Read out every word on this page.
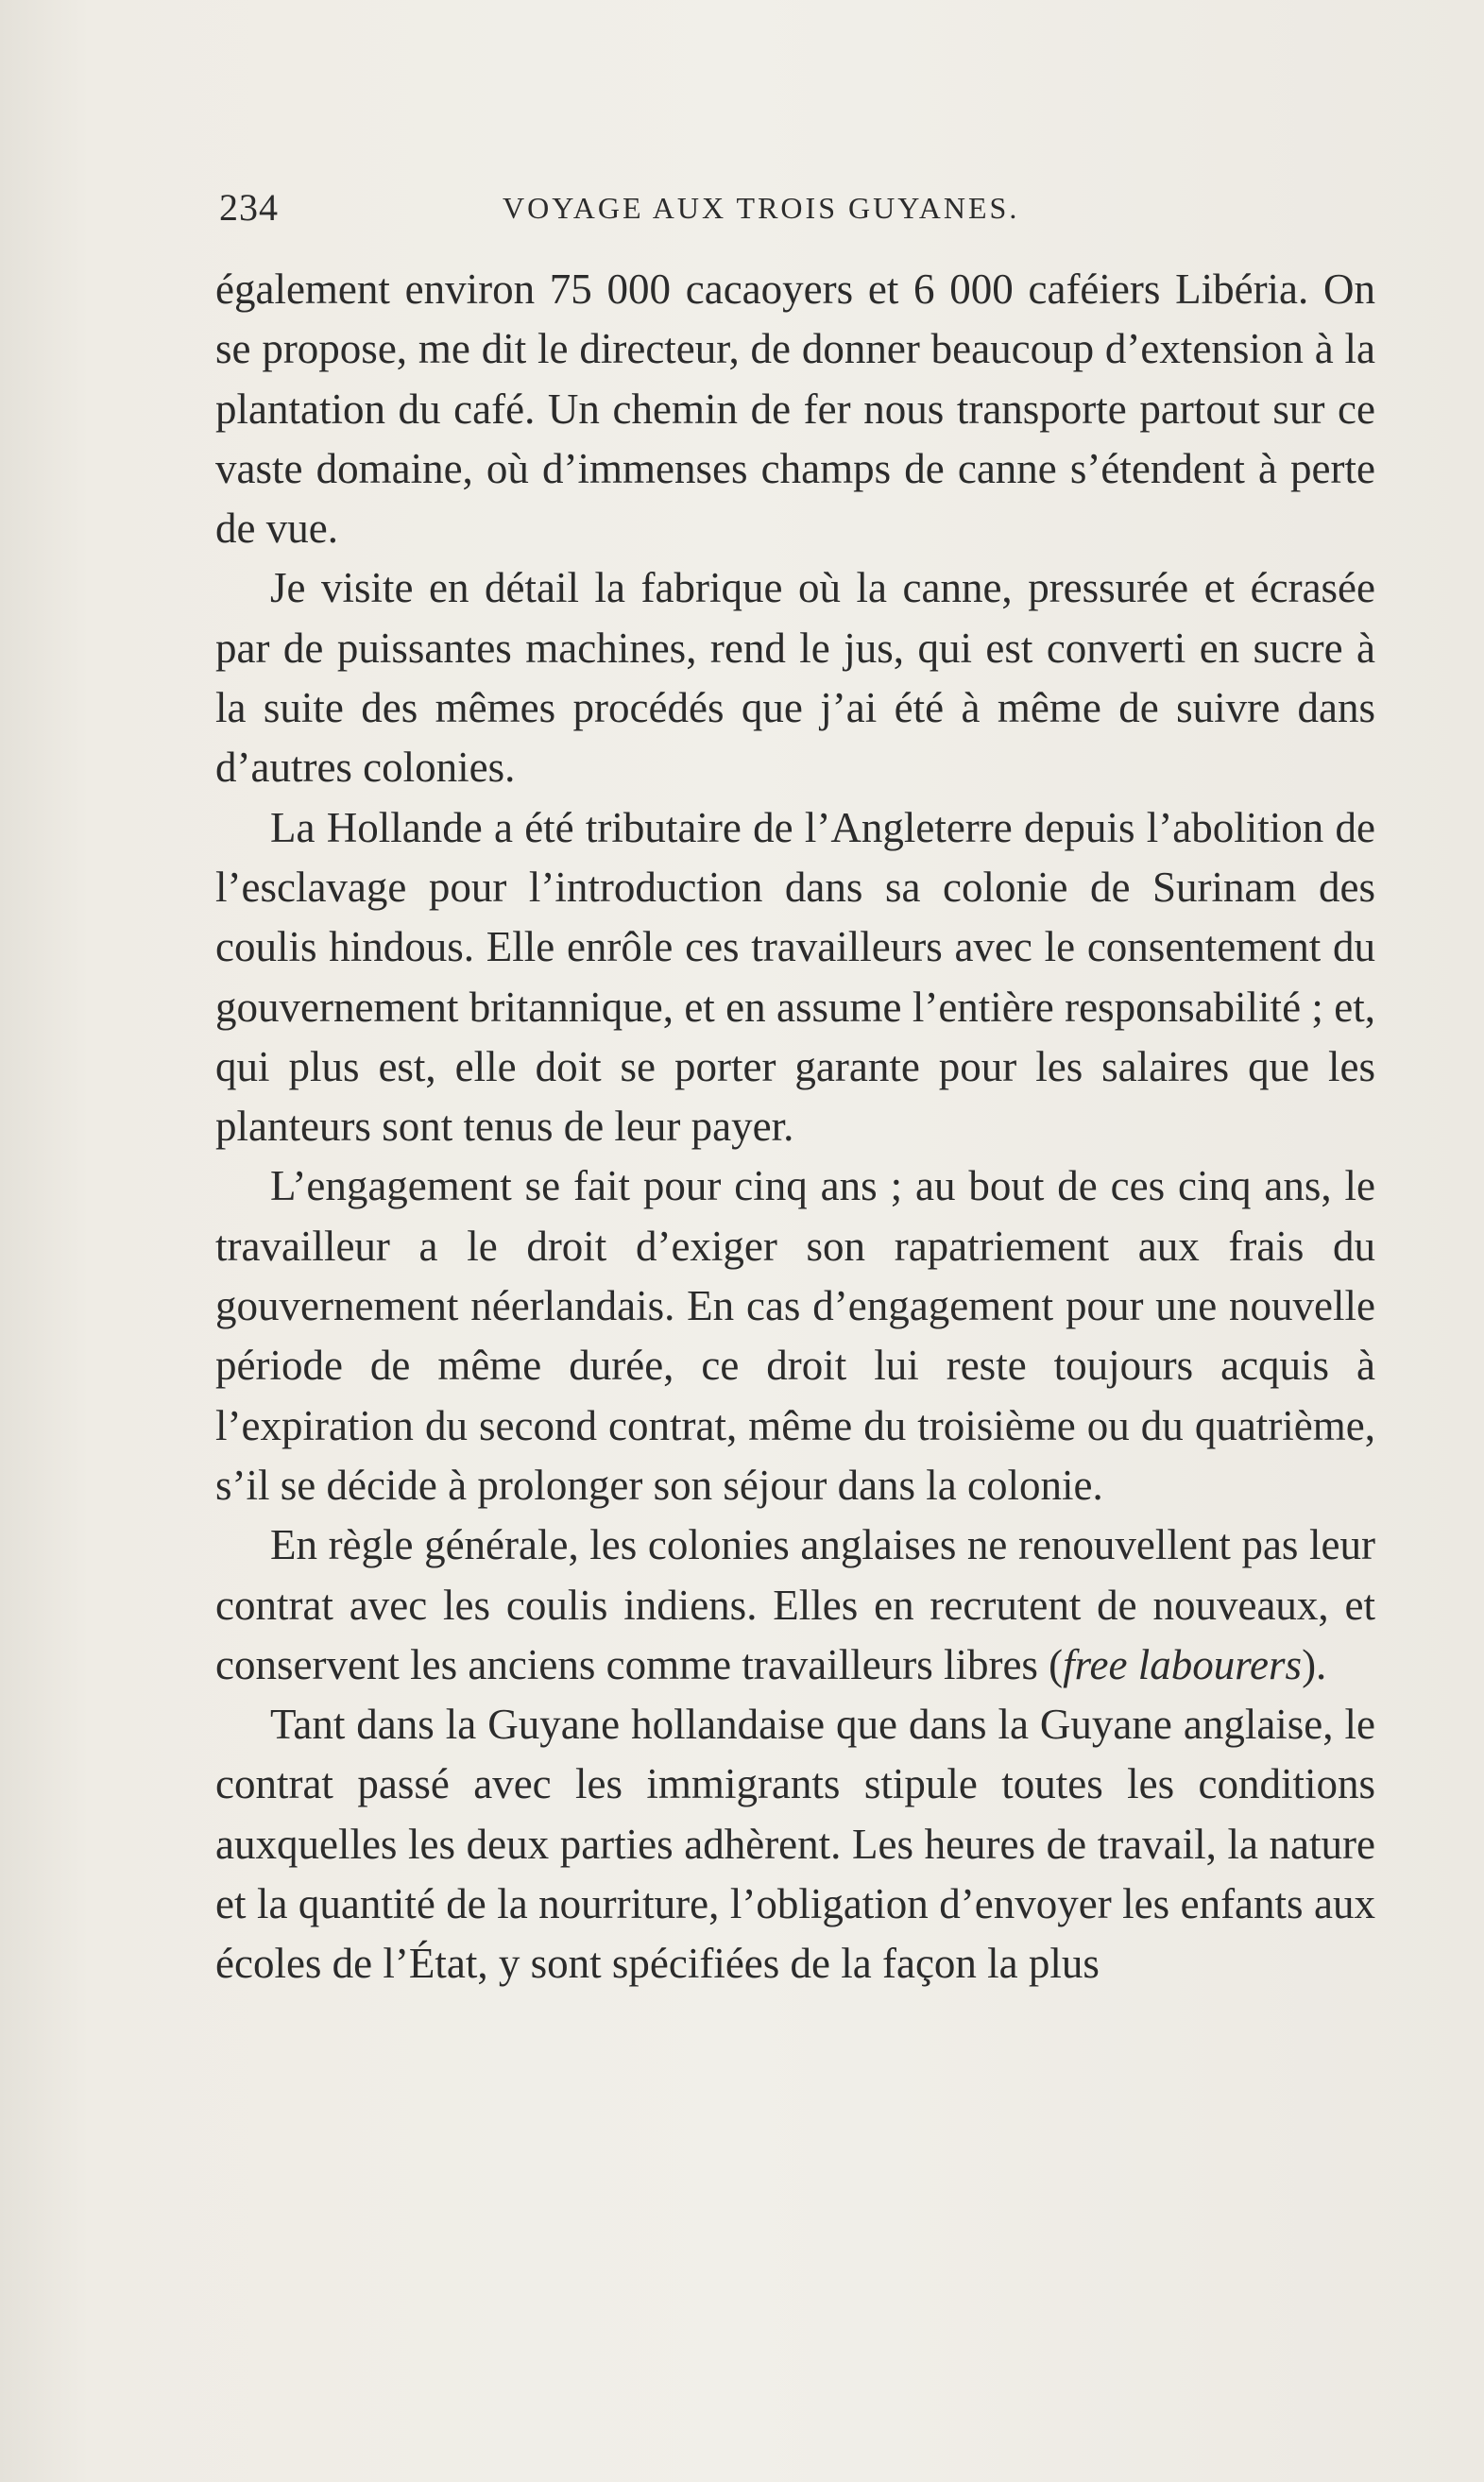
234	VOYAGE AUX TROIS GUYANES.

également environ 75 000 cacaoyers et 6 000 caféiers Libéria. On se propose, me dit le directeur, de donner beaucoup d’extension à la plantation du café. Un chemin de fer nous transporte partout sur ce vaste domaine, où d’immenses champs de canne s’étendent à perte de vue.

Je visite en détail la fabrique où la canne, pressurée et écrasée par de puissantes machines, rend le jus, qui est converti en sucre à la suite des mêmes procédés que j’ai été à même de suivre dans d’autres colonies.

La Hollande a été tributaire de l’Angleterre depuis l’abolition de l’esclavage pour l’introduction dans sa colonie de Surinam des coulis hindous. Elle enrôle ces travailleurs avec le consentement du gouvernement britannique, et en assume l’entière responsabilité ; et, qui plus est, elle doit se porter garante pour les salaires que les planteurs sont tenus de leur payer.

L’engagement se fait pour cinq ans ; au bout de ces cinq ans, le travailleur a le droit d’exiger son rapatriement aux frais du gouvernement néerlandais. En cas d’engagement pour une nouvelle période de même durée, ce droit lui reste toujours acquis à l’expiration du second contrat, même du troisième ou du quatrième, s’il se décide à prolonger son séjour dans la colonie.

En règle générale, les colonies anglaises ne renouvellent pas leur contrat avec les coulis indiens. Elles en recrutent de nouveaux, et conservent les anciens comme travailleurs libres (free labourers).

Tant dans la Guyane hollandaise que dans la Guyane anglaise, le contrat passé avec les immigrants stipule toutes les conditions auxquelles les deux parties adhèrent. Les heures de travail, la nature et la quantité de la nourriture, l’obligation d’envoyer les enfants aux écoles de l’État, y sont spécifiées de la façon la plus
